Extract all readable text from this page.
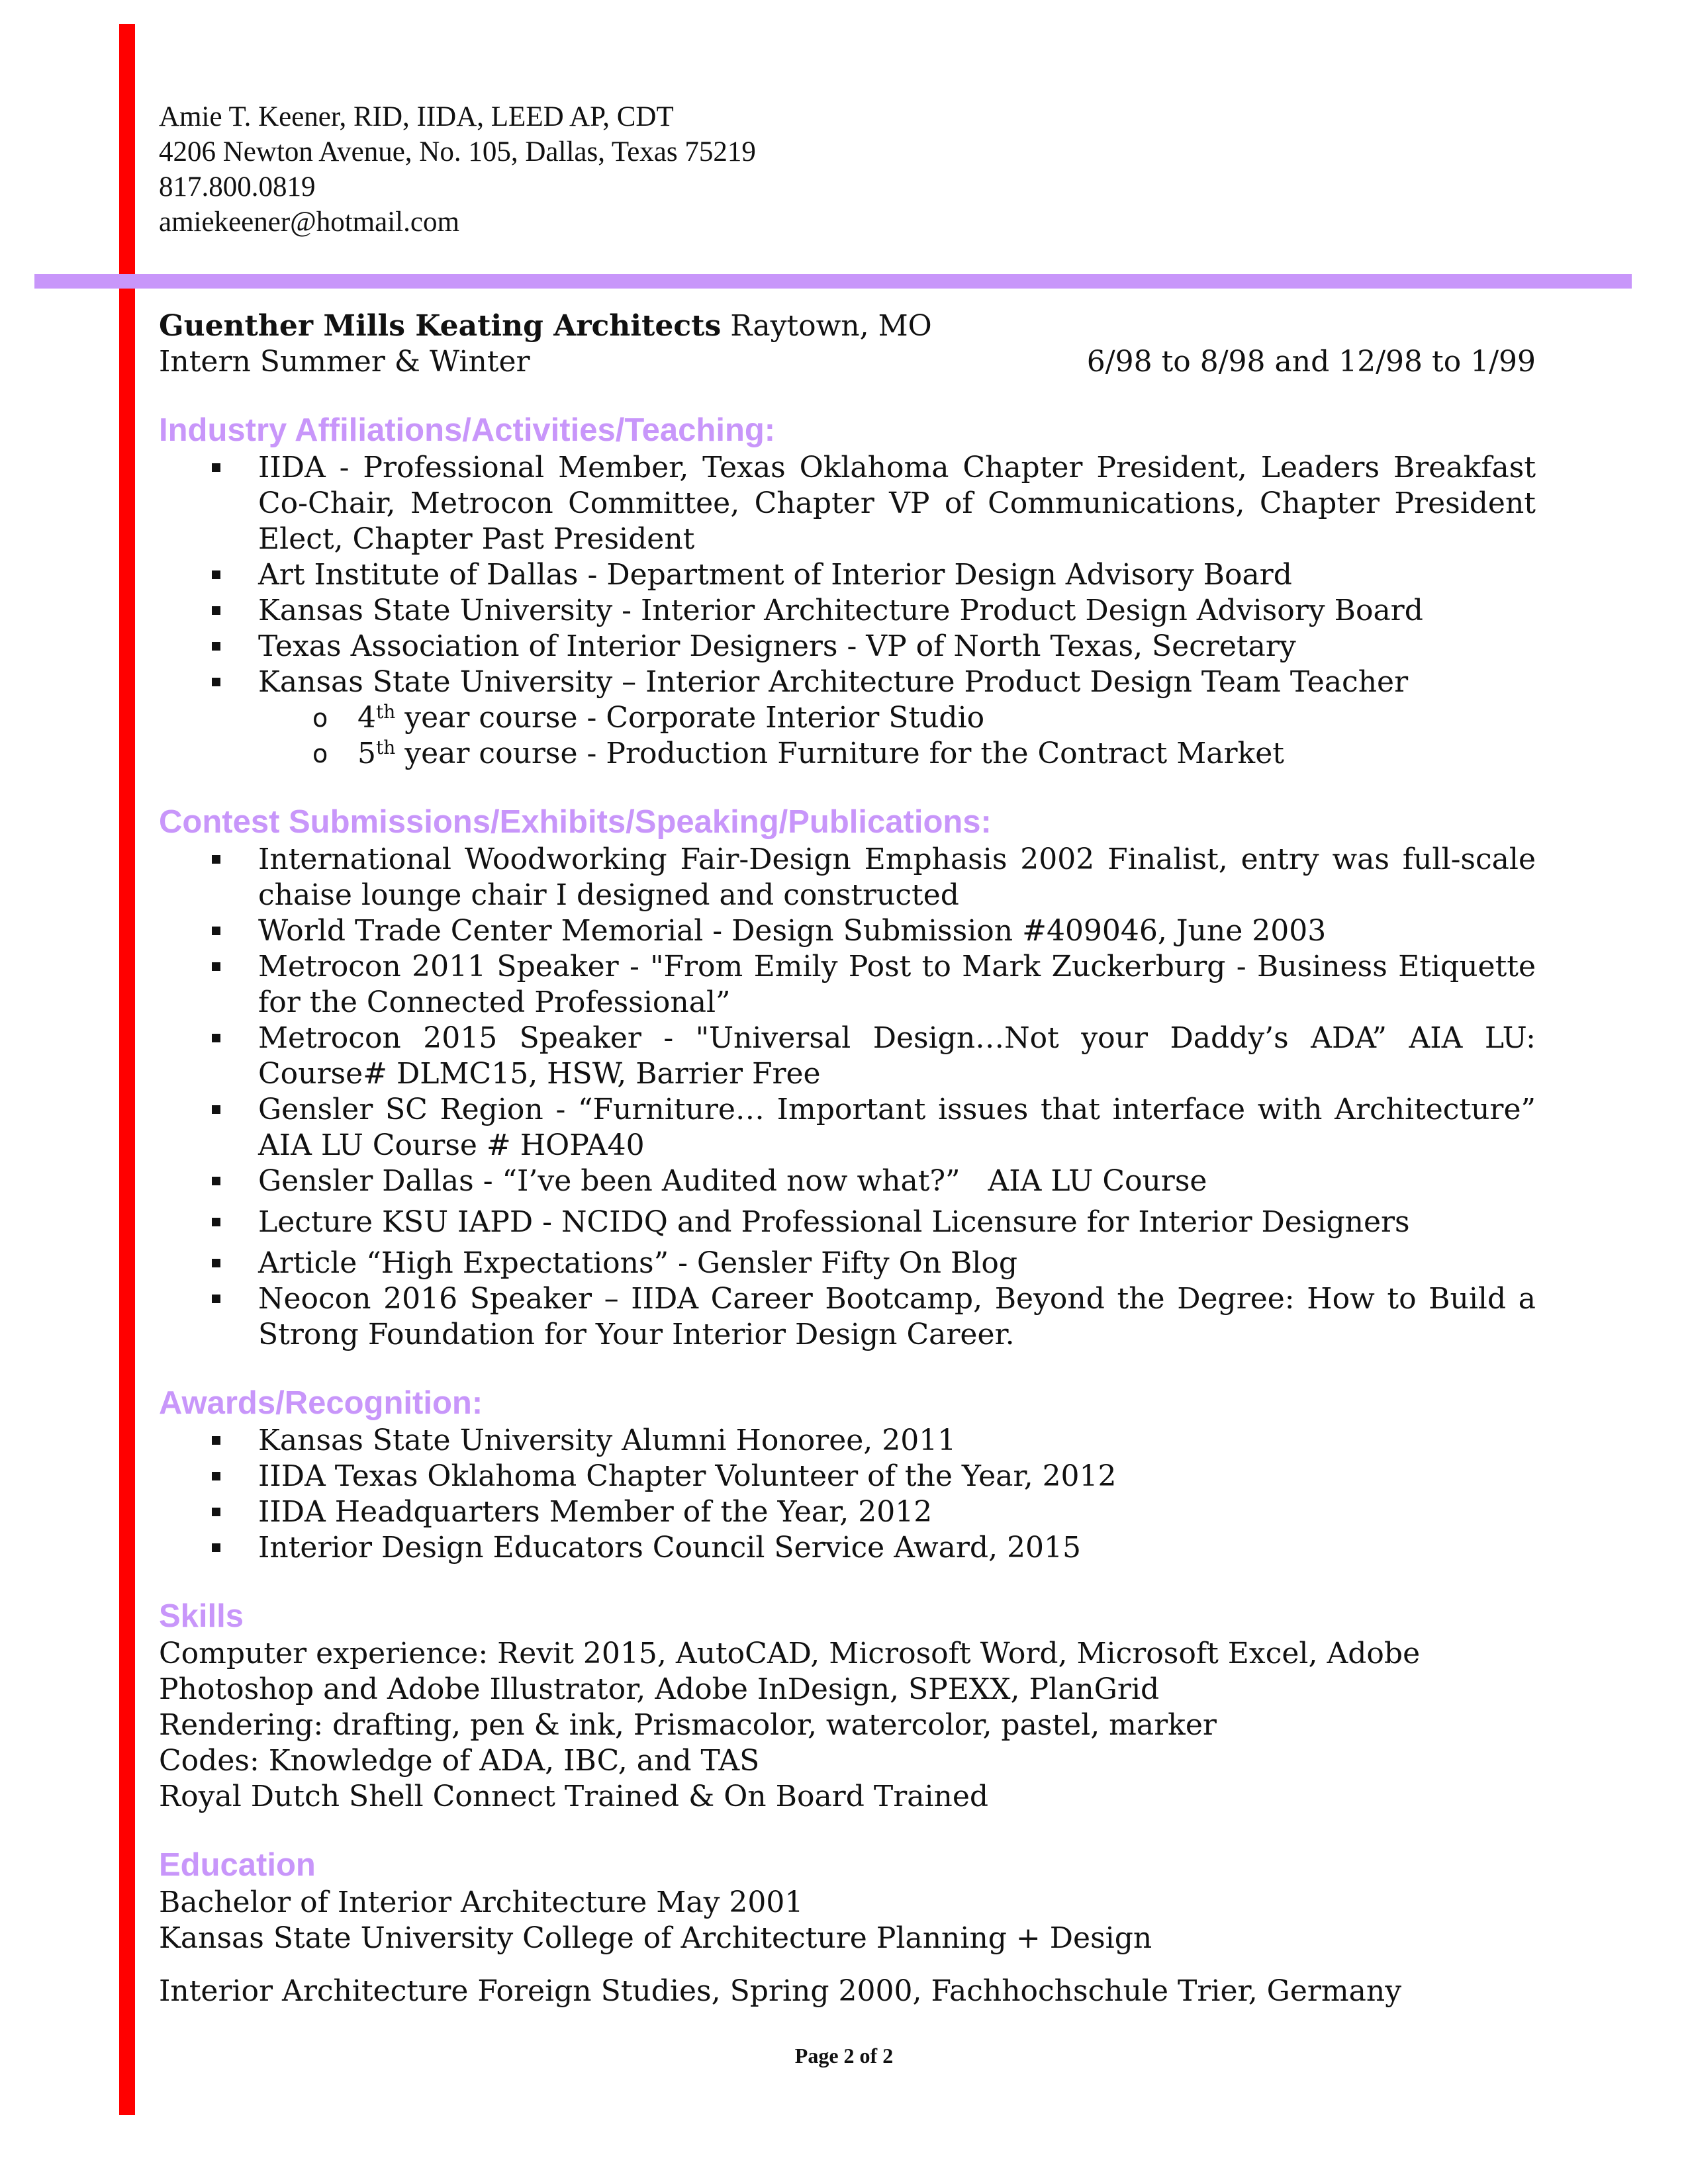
Amie T. Keener, RID, IIDA, LEED AP, CDT
4206 Newton Avenue, No. 105, Dallas, Texas 75219
817.800.0819
amiekeener@hotmail.com
Guenther Mills Keating Architects Raytown, MO
Intern Summer & Winter	6/98 to 8/98 and 12/98 to 1/99
Industry Affiliations/Activities/Teaching:
IIDA - Professional Member, Texas Oklahoma Chapter President, Leaders Breakfast Co-Chair, Metrocon Committee, Chapter VP of Communications, Chapter President Elect, Chapter Past President
Art Institute of Dallas - Department of Interior Design Advisory Board
Kansas State University - Interior Architecture Product Design Advisory Board
Texas Association of Interior Designers - VP of North Texas, Secretary
Kansas State University – Interior Architecture Product Design Team Teacher
o 4th year course - Corporate Interior Studio
o 5th year course - Production Furniture for the Contract Market
Contest Submissions/Exhibits/Speaking/Publications:
International Woodworking Fair-Design Emphasis 2002 Finalist, entry was full-scale chaise lounge chair I designed and constructed
World Trade Center Memorial - Design Submission #409046, June 2003
Metrocon 2011 Speaker - "From Emily Post to Mark Zuckerburg - Business Etiquette for the Connected Professional”
Metrocon 2015 Speaker - "Universal Design…Not your Daddy’s ADA” AIA LU: Course# DLMC15, HSW, Barrier Free
Gensler SC Region - “Furniture… Important issues that interface with Architecture” AIA LU Course # HOPA40
Gensler Dallas - “I’ve been Audited now what?”   AIA LU Course
Lecture KSU IAPD - NCIDQ and Professional Licensure for Interior Designers
Article “High Expectations” - Gensler Fifty On Blog
Neocon 2016 Speaker – IIDA Career Bootcamp, Beyond the Degree: How to Build a Strong Foundation for Your Interior Design Career.
Awards/Recognition:
Kansas State University Alumni Honoree, 2011
IIDA Texas Oklahoma Chapter Volunteer of the Year, 2012
IIDA Headquarters Member of the Year, 2012
Interior Design Educators Council Service Award, 2015
Skills
Computer experience: Revit 2015, AutoCAD, Microsoft Word, Microsoft Excel, Adobe
Photoshop and Adobe Illustrator, Adobe InDesign, SPEXX, PlanGrid
Rendering: drafting, pen & ink, Prismacolor, watercolor, pastel, marker
Codes: Knowledge of ADA, IBC, and TAS
Royal Dutch Shell Connect Trained & On Board Trained
Education
Bachelor of Interior Architecture May 2001
Kansas State University College of Architecture Planning + Design
Interior Architecture Foreign Studies, Spring 2000, Fachhochschule Trier, Germany
Page 2 of 2
